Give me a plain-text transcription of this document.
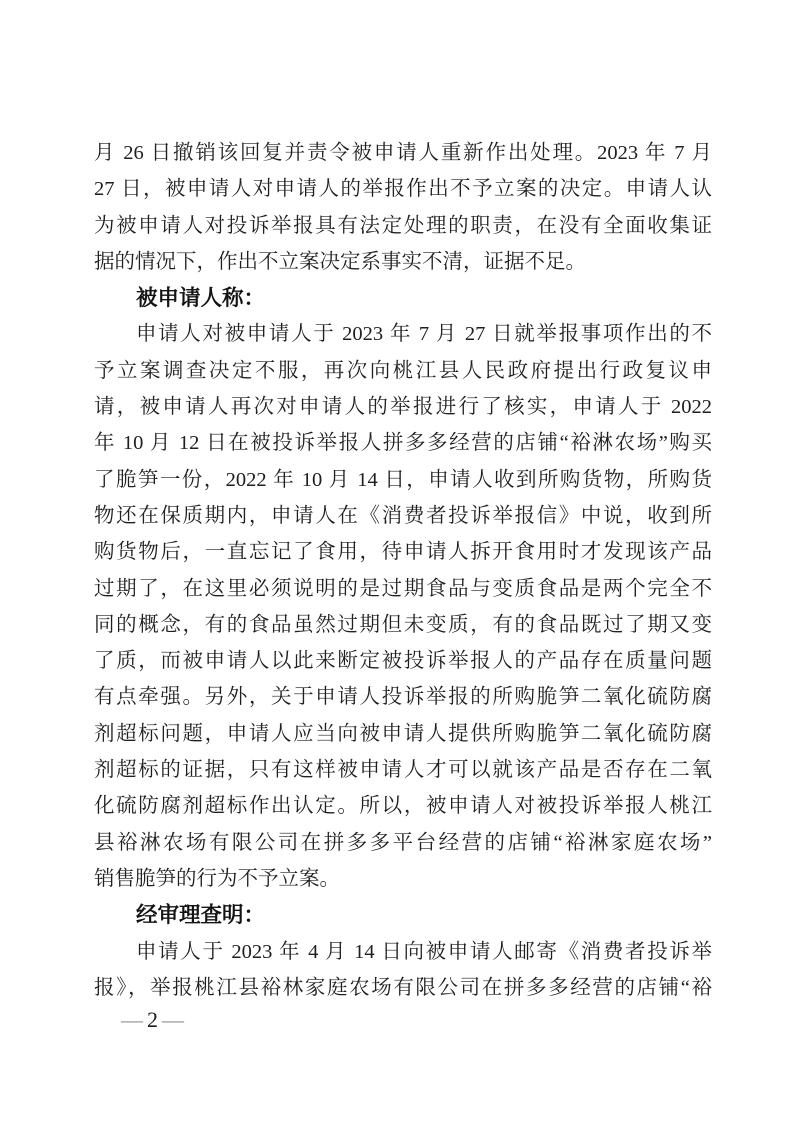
月 26 日撤销该回复并责令被申请人重新作出处理。2023 年 7 月
27 日，被申请人对申请人的举报作出不予立案的决定。申请人认
为被申请人对投诉举报具有法定处理的职责，在没有全面收集证
据的情况下，作出不立案决定系事实不清，证据不足。
被申请人称：
申请人对被申请人于 2023 年 7 月 27 日就举报事项作出的不
予立案调查决定不服，再次向桃江县人民政府提出行政复议申
请，被申请人再次对申请人的举报进行了核实，申请人于 2022
年 10 月 12 日在被投诉举报人拼多多经营的店铺“裕淋农场”购买
了脆笋一份，2022 年 10 月 14 日，申请人收到所购货物，所购货
物还在保质期内，申请人在《消费者投诉举报信》中说，收到所
购货物后，一直忘记了食用，待申请人拆开食用时才发现该产品
过期了，在这里必须说明的是过期食品与变质食品是两个完全不
同的概念，有的食品虽然过期但未变质，有的食品既过了期又变
了质，而被申请人以此来断定被投诉举报人的产品存在质量问题
有点牵强。另外，关于申请人投诉举报的所购脆笋二氧化硫防腐
剂超标问题，申请人应当向被申请人提供所购脆笋二氧化硫防腐
剂超标的证据，只有这样被申请人才可以就该产品是否存在二氧
化硫防腐剂超标作出认定。所以，被申请人对被投诉举报人桃江
县裕淋农场有限公司在拼多多平台经营的店铺“裕淋家庭农场”
销售脆笋的行为不予立案。
经审理查明：
申请人于 2023 年 4 月 14 日向被申请人邮寄《消费者投诉举
报》，举报桃江县裕林家庭农场有限公司在拼多多经营的店铺“裕
— 2 —
